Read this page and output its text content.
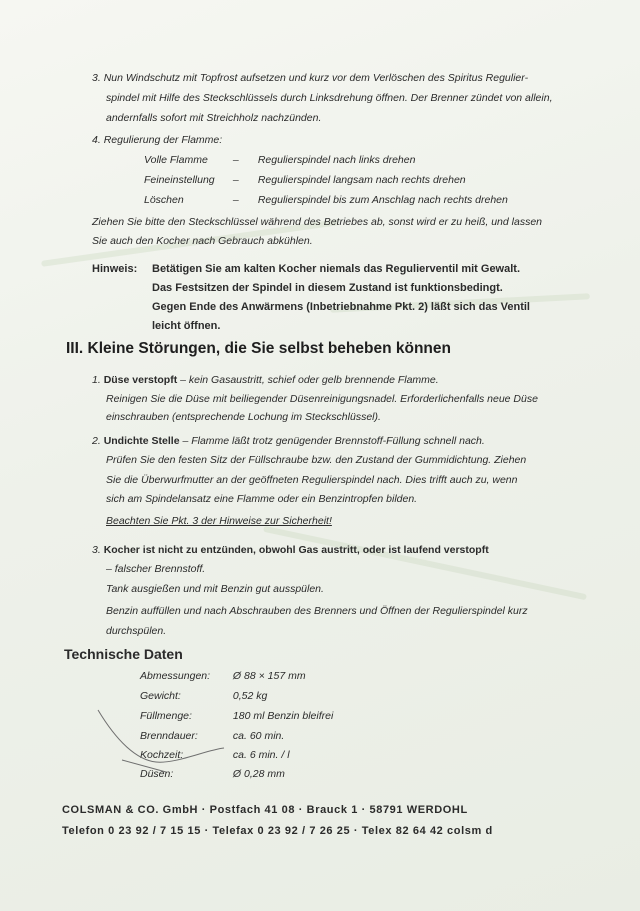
3. Nun Windschutz mit Topfrost aufsetzen und kurz vor dem Verlöschen des Spiritus Regulier-
spindel mit Hilfe des Steckschlüssels durch Linksdrehung öffnen. Der Brenner zündet von allein,
andernfalls sofort mit Streichholz nachzünden.
4. Regulierung der Flamme:
Volle Flamme – Reguliersp​indel nach links drehen
Feineinstellung – Regulierspindel langsam nach rechts drehen
Löschen	– Regulierspindel bis zum Anschlag nach rechts drehen
Ziehen Sie bitte den Steckschlüssel während des Betriebes ab, sonst wird er zu heiß, und lassen
Sie auch den Kocher nach Gebrauch abkühlen.
Hinweis: Betätigen Sie am kalten Kocher niemals das Regulierventil mit Gewalt.
Das Festsitzen der Spindel in diesem Zustand ist funktionsbedingt.
Gegen Ende des Anwärmens (Inbetriebnahme Pkt. 2) läßt sich das Ventil
leicht öffnen.
III. Kleine Störungen, die Sie selbst beheben können
1. Düse verstopft – kein Gasaustritt, schief oder gelb brennende Flamme.
Reinigen Sie die Düse mit beiliegender Düsenreinigungsnadel. Erforderlichenfalls neue Düse
einschrauben (entsprechende Lochung im Steckschlüssel).
2. Undichte Stelle – Flamme läßt trotz genügender Brennstoff-Füllung schnell nach.
Prüfen Sie den festen Sitz der Füllschraube bzw. den Zustand der Gummidichtung. Ziehen
Sie die Überwurfmutter an der geöffneten Regulierspindel nach. Dies trifft auch zu, wenn
sich am Spindelansatz eine Flamme oder ein Benzintropfen bilden.
Beachten Sie Pkt. 3 der Hinweise zur Sicherheit!
3. Kocher ist nicht zu entzünden, obwohl Gas austritt, oder ist laufend verstopft
– falscher Brennstoff.
Tank ausgießen und mit Benzin gut ausspülen.
Benzin auffüllen und nach Abschrauben des Brenners und Öffnen der Regulierspindel kurz
durchspülen.
Technische Daten
Abmessungen: Ø 88 × 157 mm
Gewicht:	0,52 kg
Füllmenge:	180 ml Benzin bleifrei
Brenndauer:	ca. 60 min.
Kochzeit:	ca. 6 min. / l
Düsen:	Ø 0,28 mm
COLSMAN & CO. GmbH · Postfach 41 08 · Brauck 1 · 58791 WERDOHL
Telefon 0 23 92 / 7 15 15 · Telefax 0 23 92 / 7 26 25 · Telex 82 64 42 colsm d
